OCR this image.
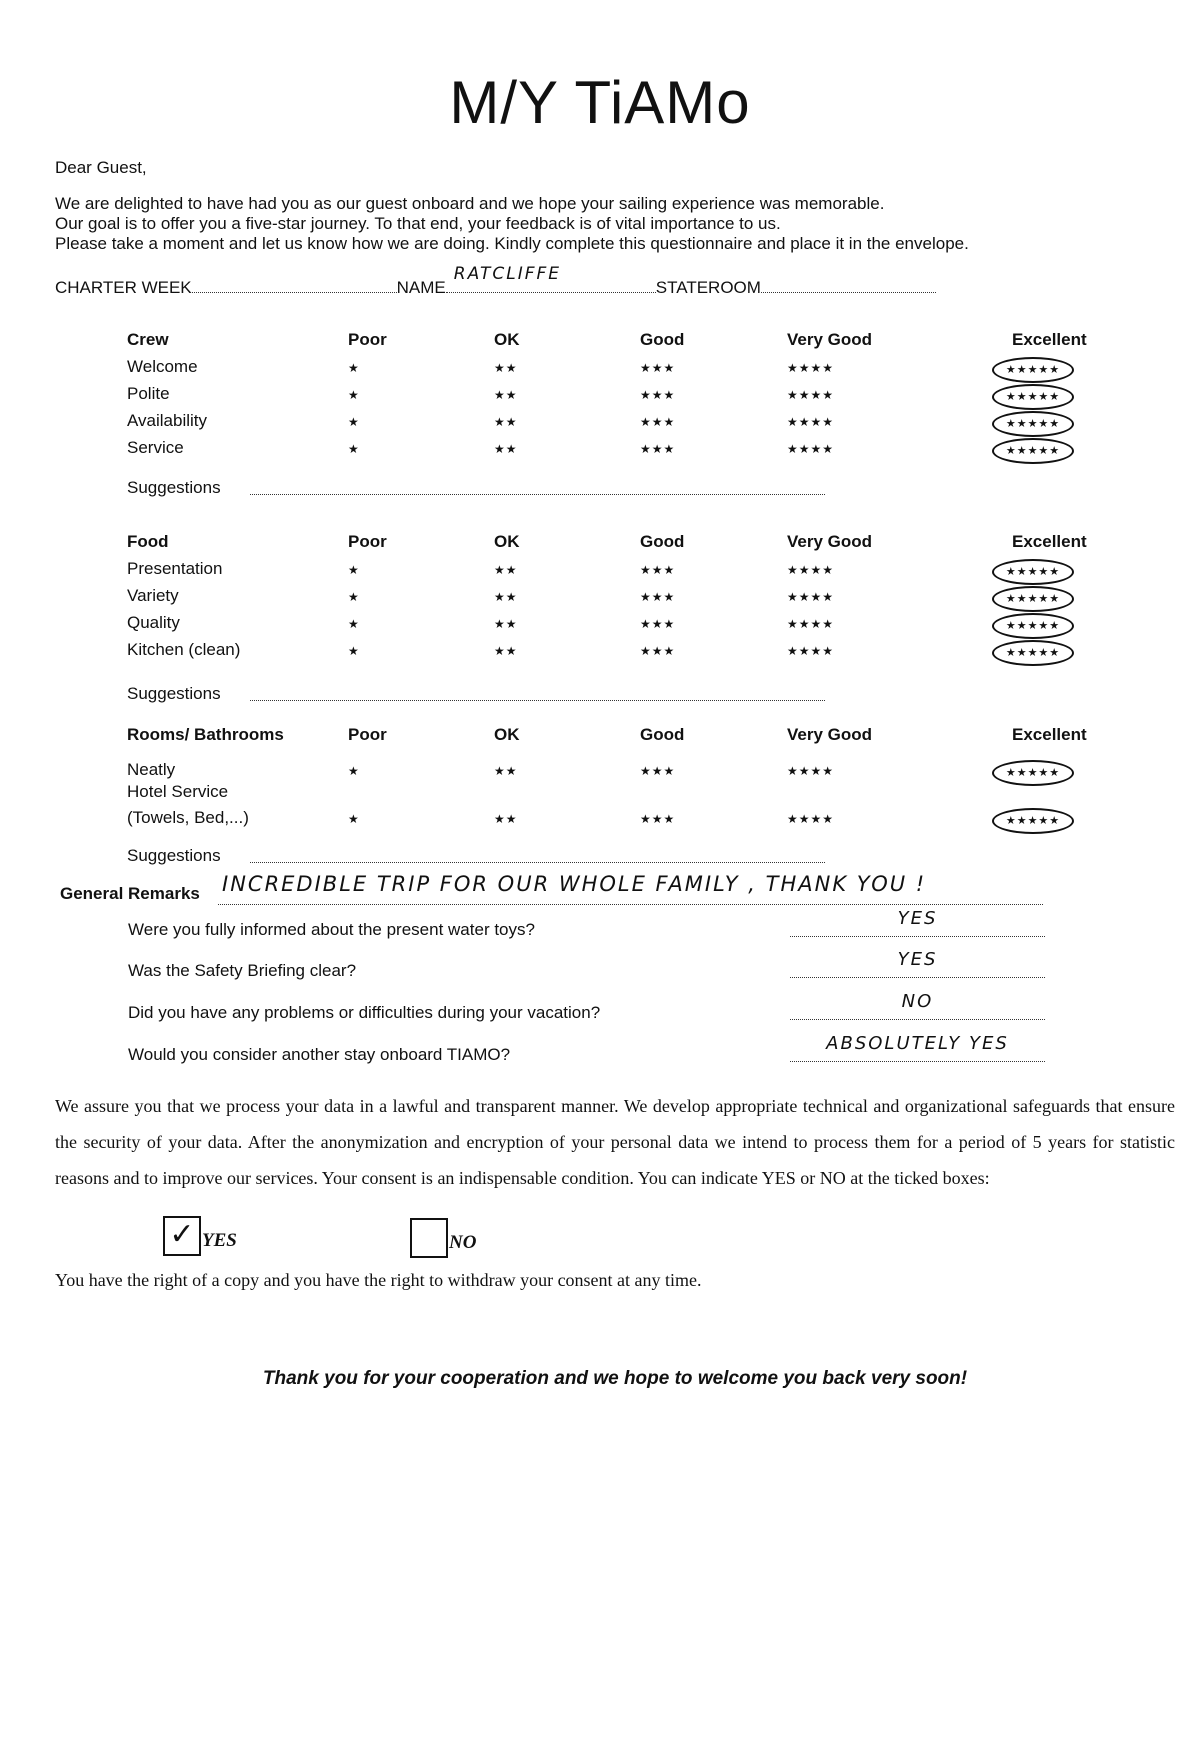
M/Y TiAMo
Dear Guest,
We are delighted to have had you as our guest onboard and we hope your sailing experience was memorable.
Our goal is to offer you a five-star journey. To that end, your feedback is of vital importance to us.
Please take a moment and let us know how we are doing. Kindly complete this questionnaire and place it in the envelope.
CHARTER WEEK	NAME
RATCLIFFE
STATEROOM
Crew	Poor	OK	Good	Very Good	Excellent
Welcome	★	★★	★★★	★★★★	★★★★★
Polite	★	★★	★★★	★★★★	★★★★★
Availability	★	★★	★★★	★★★★	★★★★★
Service	★	★★	★★★	★★★★	★★★★★
Suggestions
Food	Poor	OK	Good	Very Good	Excellent
Presentation	★	★★	★★★	★★★★	★★★★★
Variety	★	★★	★★★	★★★★	★★★★★
Quality	★	★★	★★★	★★★★	★★★★★
Kitchen (clean)	★	★★	★★★	★★★★	★★★★★
Suggestions
Rooms/ Bathrooms	Poor	OK	Good	Very Good	Excellent
Neatly	★	★★	★★★	★★★★	★★★★★
Hotel Service
(Towels, Bed,...)	★	★★	★★★	★★★★	★★★★★
Suggestions
General Remarks INCREDIBLE TRIP FOR OUR WHOLE FAMILY , THANK YOU !
Were you fully informed about the present water toys?
YES
Was the Safety Briefing clear?
YES
Did you have any problems or difficulties during your vacation?
NO
Would you consider another stay onboard TIAMO?
ABSOLUTELY YES
We assure you that we process your data in a lawful and transparent manner. We develop appropriate technical and organizational safeguards that ensure the security of your data. After the anonymization and encryption of your personal data we intend to process them for a period of 5 years for statistic reasons and to improve our services. Your consent is an indispensable condition. You can indicate YES or NO at the ticked boxes:
✓ YES	NO
You have the right of a copy and you have the right to withdraw your consent at any time.
Thank you for your cooperation and we hope to welcome you back very soon!
